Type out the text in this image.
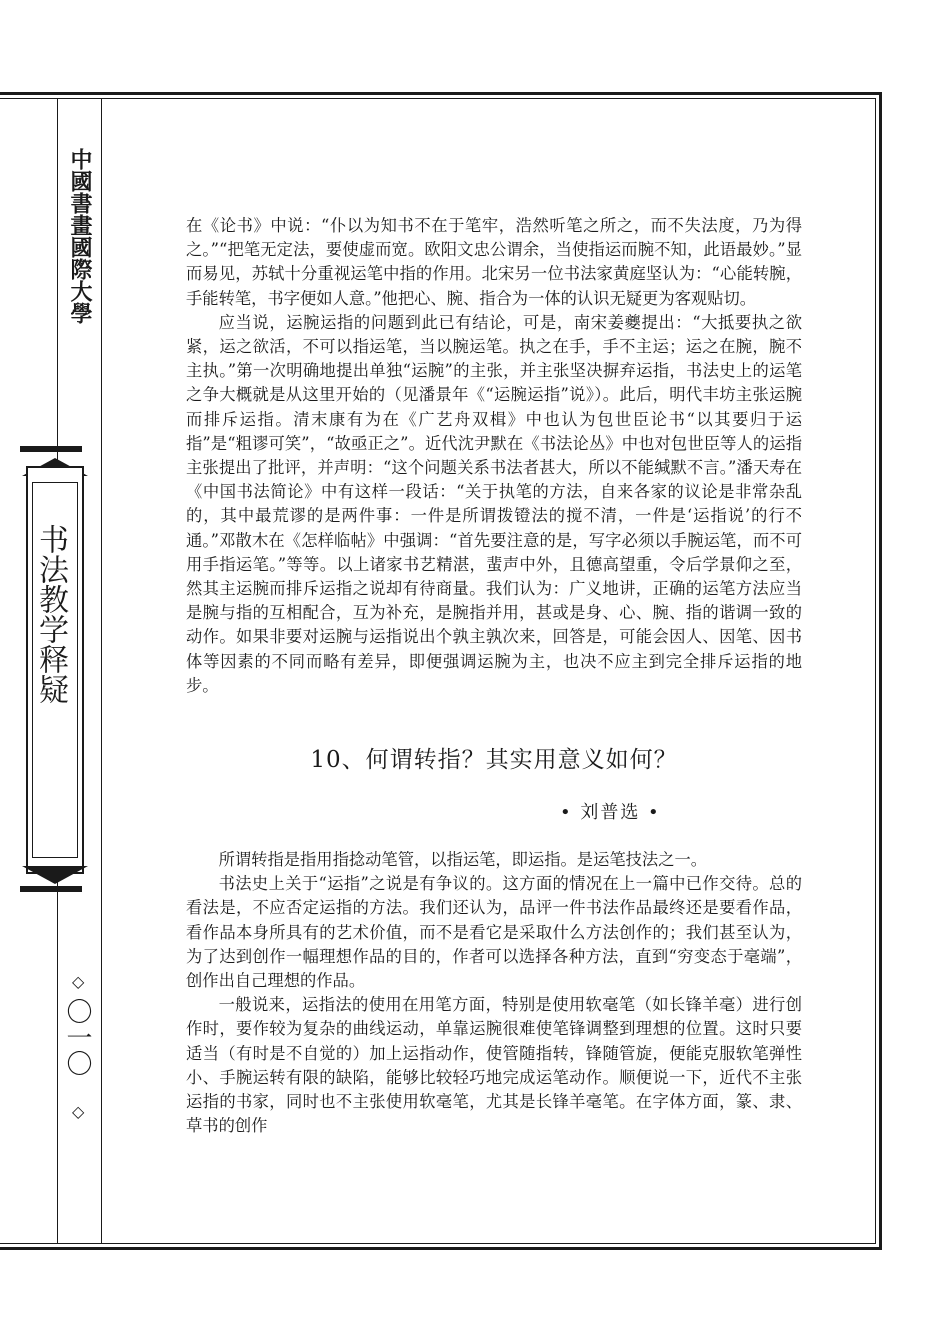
中國書畫國際大學
书法教学释疑
◇
〇一〇
◇

在《论书》中说：“仆以为知书不在于笔牢，浩然听笔之所之，而不失法度，乃为得之。”“把笔无定法，要使虚而宽。欧阳文忠公谓余，当使指运而腕不知，此语最妙。”显而易见，苏轼十分重视运笔中指的作用。北宋另一位书法家黄庭坚认为：“心能转腕，手能转笔，书字便如人意。”他把心、腕、指合为一体的认识无疑更为客观贴切。

应当说，运腕运指的问题到此已有结论，可是，南宋姜夔提出：“大抵要执之欲紧，运之欲活，不可以指运笔，当以腕运笔。执之在手，手不主运；运之在腕，腕不主执。”第一次明确地提出单独“运腕”的主张，并主张坚决摒弃运指，书法史上的运笔之争大概就是从这里开始的（见潘景年《“运腕运指”说》）。此后，明代丰坊主张运腕而排斥运指。清末康有为在《广艺舟双楫》中也认为包世臣论书“以其要归于运指”是“粗谬可笑”，“故亟正之”。近代沈尹默在《书法论丛》中也对包世臣等人的运指主张提出了批评，并声明：“这个问题关系书法者甚大，所以不能缄默不言。”潘天寿在《中国书法简论》中有这样一段话：“关于执笔的方法，自来各家的议论是非常杂乱的，其中最荒谬的是两件事：一件是所谓拨镫法的搅不清，一件是‘运指说’的行不通。”邓散木在《怎样临帖》中强调：“首先要注意的是，写字必须以手腕运笔，而不可用手指运笔。”等等。以上诸家书艺精湛，蜚声中外，且德高望重，令后学景仰之至，然其主运腕而排斥运指之说却有待商量。我们认为：广义地讲，正确的运笔方法应当是腕与指的互相配合，互为补充，是腕指并用，甚或是身、心、腕、指的谐调一致的动作。如果非要对运腕与运指说出个孰主孰次来，回答是，可能会因人、因笔、因书体等因素的不同而略有差异，即便强调运腕为主，也决不应主到完全排斥运指的地步。

10、何谓转指？其实用意义如何？
• 刘普选 •

所谓转指是指用指捻动笔管，以指运笔，即运指。是运笔技法之一。

书法史上关于“运指”之说是有争议的。这方面的情况在上一篇中已作交待。总的看法是，不应否定运指的方法。我们还认为，品评一件书法作品最终还是要看作品，看作品本身所具有的艺术价值，而不是看它是采取什么方法创作的；我们甚至认为，为了达到创作一幅理想作品的目的，作者可以选择各种方法，直到“穷变态于毫端”，创作出自己理想的作品。

一般说来，运指法的使用在用笔方面，特别是使用软毫笔（如长锋羊毫）进行创作时，要作较为复杂的曲线运动，单靠运腕很难使笔锋调整到理想的位置。这时只要适当（有时是不自觉的）加上运指动作，使管随指转，锋随管旋，便能克服软笔弹性小、手腕运转有限的缺陷，能够比较轻巧地完成运笔动作。顺便说一下，近代不主张运指的书家，同时也不主张使用软毫笔，尤其是长锋羊毫笔。在字体方面，篆、隶、草书的创作
